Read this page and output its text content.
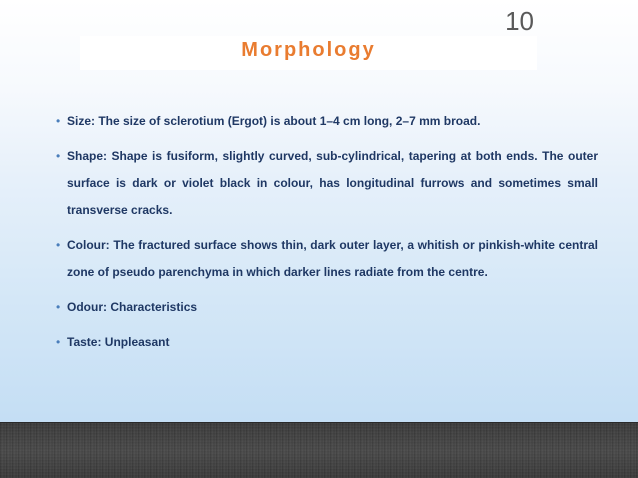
10
Morphology
• Size: The size of sclerotium (Ergot) is about 1–4 cm long, 2–7 mm broad.
• Shape: Shape is fusiform, slightly curved, sub-cylindrical, tapering at both ends. The outer surface is dark or violet black in colour, has longitudinal furrows and sometimes small transverse cracks.
• Colour: The fractured surface shows thin, dark outer layer, a whitish or pinkish-white central zone of pseudo parenchyma in which darker lines radiate from the centre.
• Odour: Characteristics
• Taste: Unpleasant
